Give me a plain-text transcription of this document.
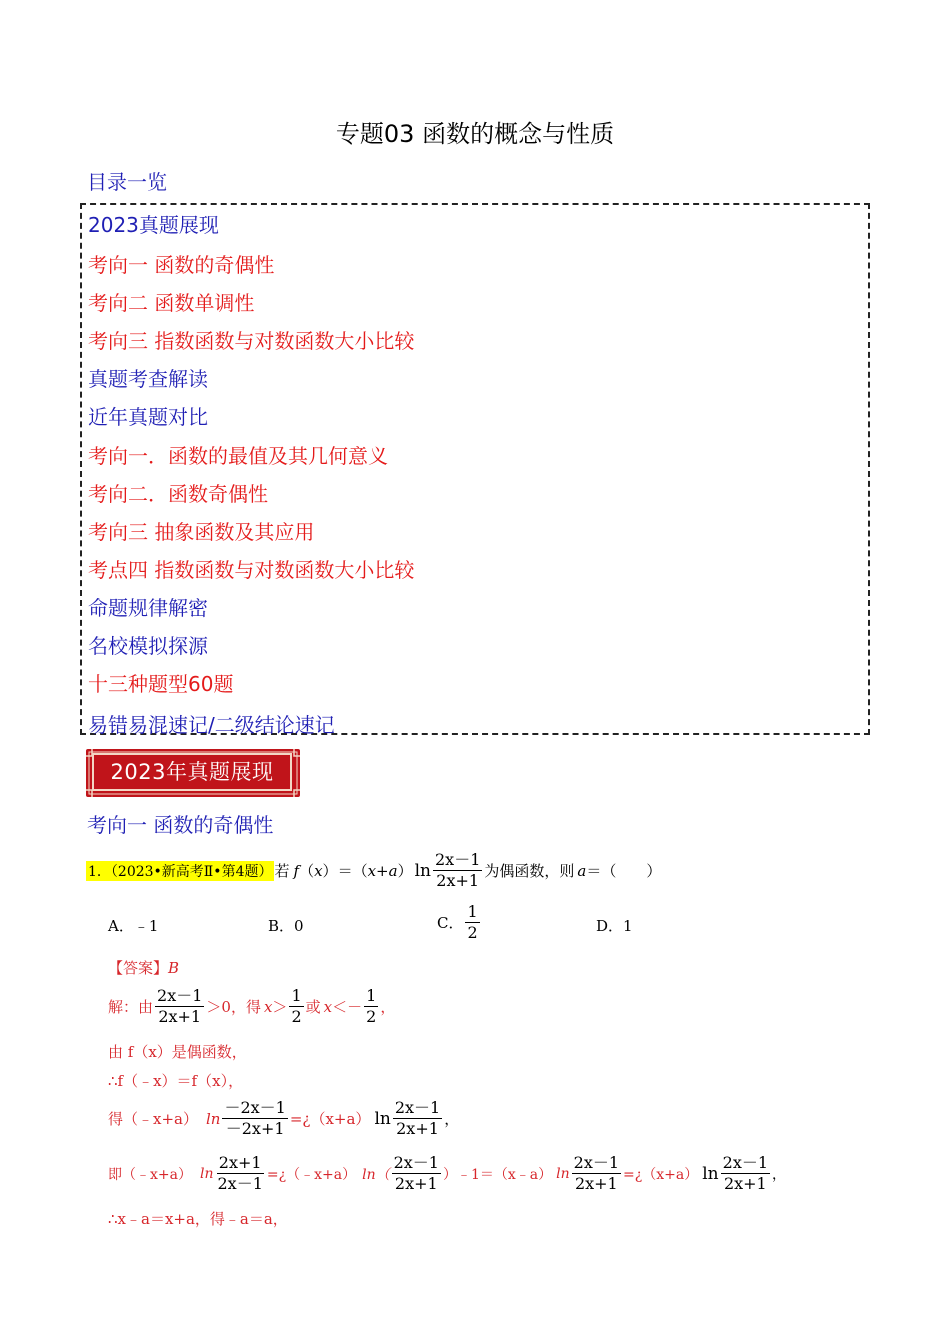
专题03 函数的概念与性质
目录一览
2023真题展现
考向一 函数的奇偶性
考向二 函数单调性
考向三 指数函数与对数函数大小比较
真题考查解读
近年真题对比
考向一．函数的最值及其几何意义
考向二．函数奇偶性
考向三 抽象函数及其应用
考点四 指数函数与对数函数大小比较
命题规律解密
名校模拟探源
十三种题型60题
易错易混速记/二级结论速记
2023年真题展现
考向一 函数的奇偶性
1．（2023•新高考Ⅱ•第4题） 若 f （ x ） ＝ （ x+a ） $\ln \frac{2x-1}{2x+1}$ 为偶函数，则 a ＝（　　）
A． ﹣1	B． 0	C． $\frac{1}{2}$	D． 1
【答案】 B
解：由 $\frac{2x-1}{2x+1} >0$，得 $x > \frac{1}{2}$ 或 $x <- \frac{1}{2}$ ，
由 f（x）是偶函数，
∴f（﹣x）＝f（x），
得（﹣x+a） $\ln \frac{-2x-1}{-2x+1}$ =¿（x+a） $\ln \frac{2x-1}{2x+1}$ ，
即（﹣x+a） $\ln \frac{2x+1}{2x-1}$ =¿（﹣x+a） $\ln( \frac{2x-1}{2x+1}$ ）﹣1＝（x﹣a） $\ln \frac{2x-1}{2x+1}$ =¿（x+a） $\ln \frac{2x-1}{2x+1}$ ，
∴x﹣a＝x+a，得﹣a＝a，
